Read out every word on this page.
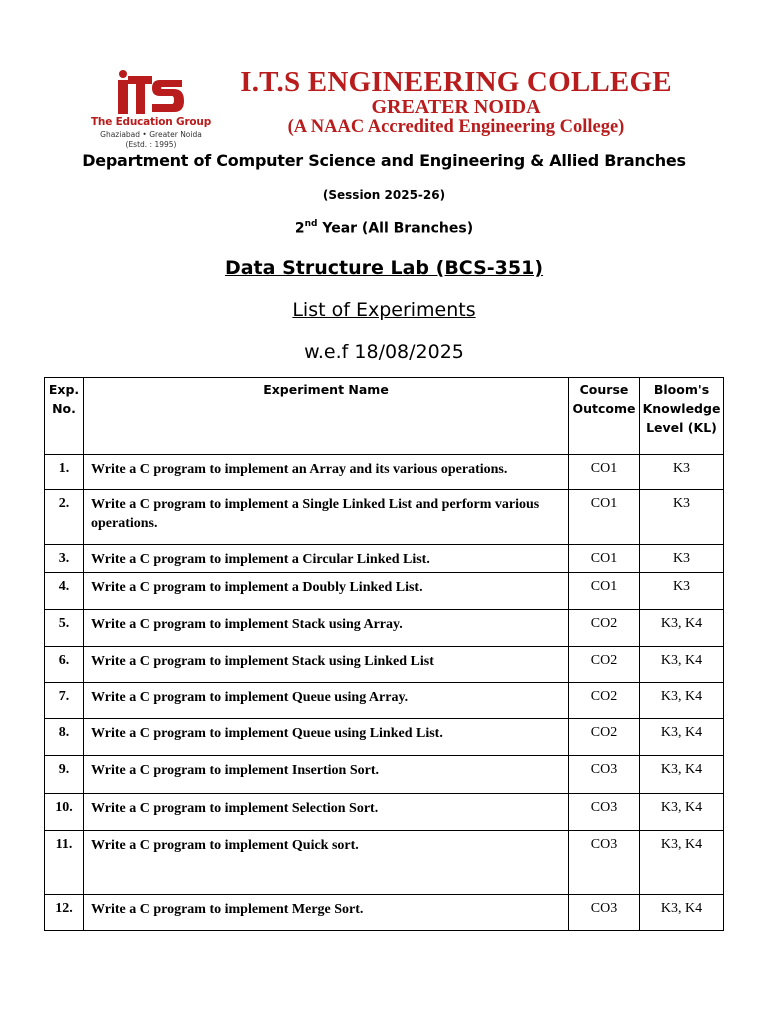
The Education Group
Ghaziabad • Greater Noida
(Estd. : 1995)
I.T.S ENGINEERING COLLEGE
GREATER NOIDA
(A NAAC Accredited Engineering College)
Department of Computer Science and Engineering & Allied Branches
(Session 2025-26)
2nd Year (All Branches)
Data Structure Lab (BCS-351)
List of Experiments
w.e.f 18/08/2025
Exp. No.	Experiment Name	Course Outcome	Bloom's Knowledge Level (KL)
1.	Write a C program to implement an Array and its various operations.	CO1	K3
2.	Write a C program to implement a Single Linked List and perform various operations.	CO1	K3
3.	Write a C program to implement a Circular Linked List.	CO1	K3
4.	Write a C program to implement a Doubly Linked List.	CO1	K3
5.	Write a C program to implement Stack using Array.	CO2	K3, K4
6.	Write a C program to implement Stack using Linked List	CO2	K3, K4
7.	Write a C program to implement Queue using Array.	CO2	K3, K4
8.	Write a C program to implement Queue using Linked List.	CO2	K3, K4
9.	Write a C program to implement Insertion Sort.	CO3	K3, K4
10.	Write a C program to implement Selection Sort.	CO3	K3, K4
11.	Write a C program to implement Quick sort.	CO3	K3, K4
12.	Write a C program to implement Merge Sort.	CO3	K3, K4
